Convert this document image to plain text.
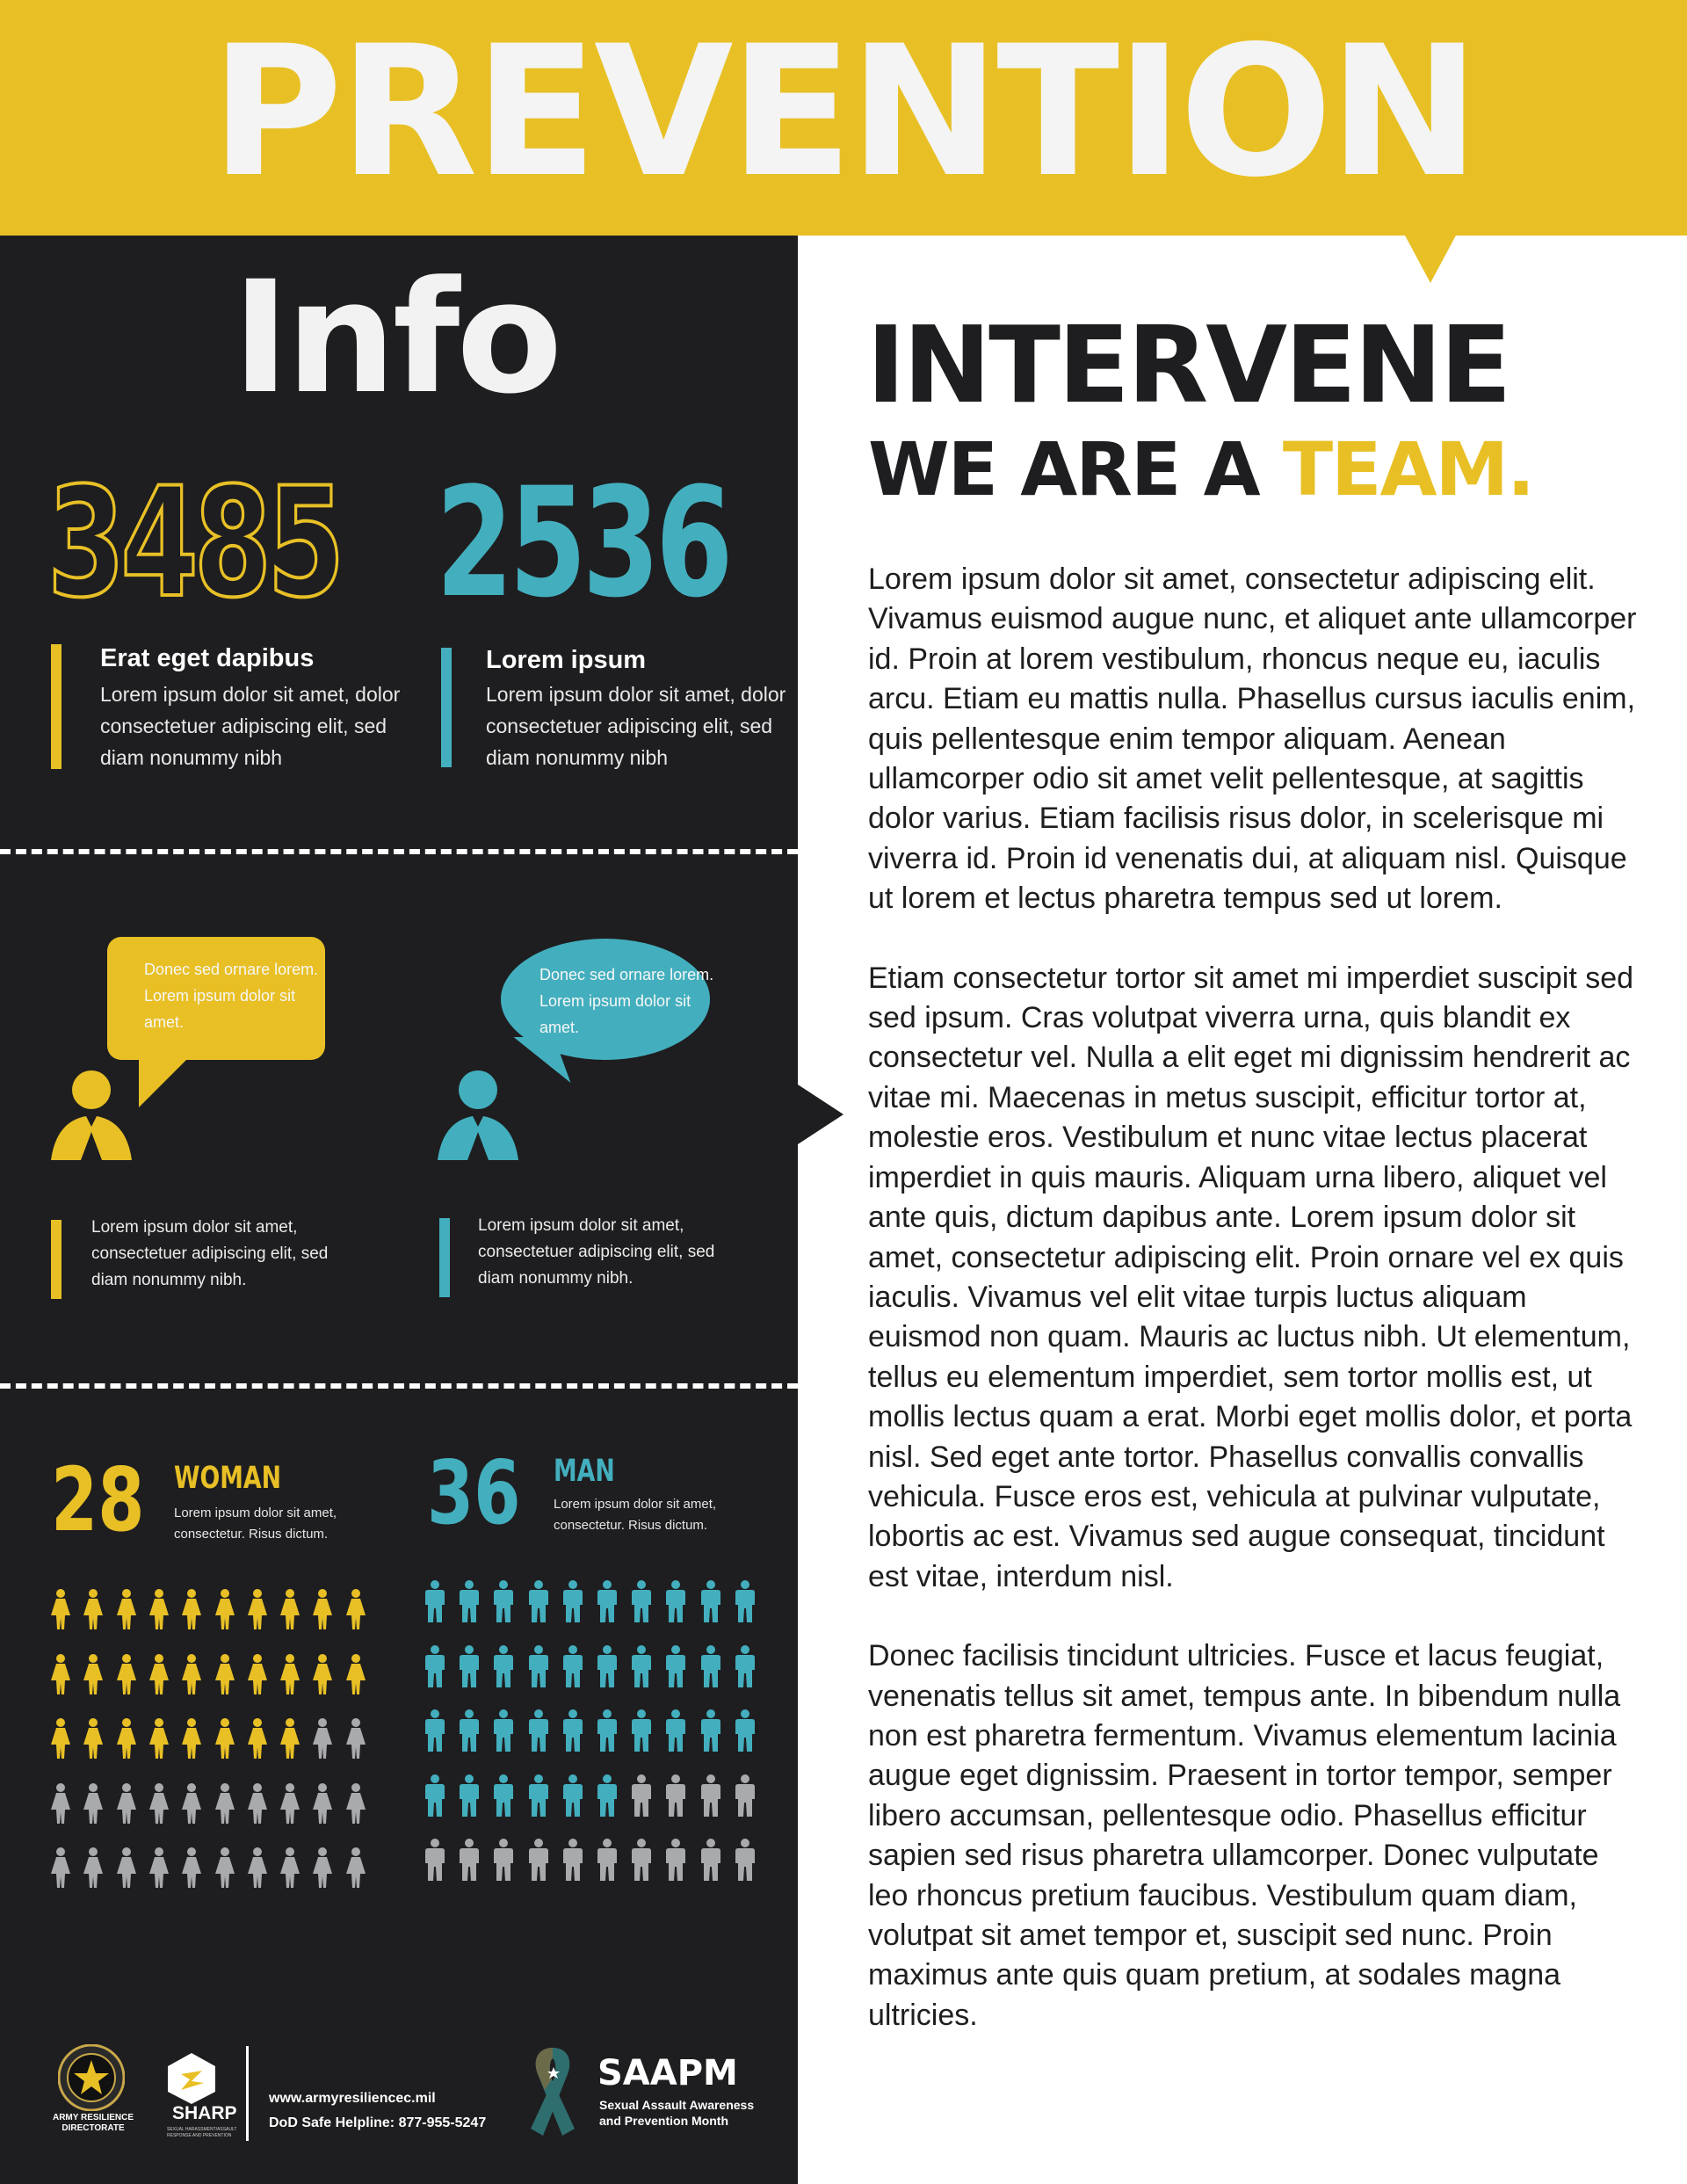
PREVENTION
Info
3485 2536
Erat eget dapibus
Lorem ipsum dolor sit amet, dolor consectetuer adipiscing elit, sed diam nonummy nibh
Lorem ipsum
Lorem ipsum dolor sit amet, dolor consectetuer adipiscing elit, sed diam nonummy nibh
Donec sed ornare lorem. Lorem ipsum dolor sit amet.
Donec sed ornare lorem. Lorem ipsum dolor sit amet.
Lorem ipsum dolor sit amet, consectetuer adipiscing elit, sed diam nonummy nibh.
Lorem ipsum dolor sit amet, consectetuer adipiscing elit, sed diam nonummy nibh.
28 WOMAN
Lorem ipsum dolor sit amet, consectetur. Risus dictum.	36 MAN
Lorem ipsum dolor sit amet, consectetur. Risus dictum.
ARMY RESILIENCE DIRECTORATE
SHARP
SEXUAL HARASSMENT/ASSAULT RESPONSE AND PREVENTION
www.armyresiliencec.mil
DoD Safe Helpline: 877-955-5247
SAAPM
Sexual Assault Awareness
and Prevention Month
INTERVENE
WE ARE A TEAM.

Lorem ipsum dolor sit amet, consectetur adipiscing elit. Vivamus euismod augue nunc, et aliquet ante ullamcorper id. Proin at lorem vestibulum, rhoncus neque eu, iaculis arcu. Etiam eu mattis nulla. Phasellus cursus iaculis enim, quis pellentesque enim tempor aliquam. Aenean ullamcorper odio sit amet velit pellentesque, at sagittis dolor varius. Etiam facilisis risus dolor, in scelerisque mi viverra id. Proin id venenatis dui, at aliquam nisl. Quisque ut lorem et lectus pharetra tempus sed ut lorem.

Etiam consectetur tortor sit amet mi imperdiet suscipit sed sed ipsum. Cras volutpat viverra urna, quis blandit ex consectetur vel. Nulla a elit eget mi dignissim hendrerit ac vitae mi. Maecenas in metus suscipit, efficitur tortor at, molestie eros. Vestibulum et nunc vitae lectus placerat imperdiet in quis mauris. Aliquam urna libero, aliquet vel ante quis, dictum dapibus ante. Lorem ipsum dolor sit amet, consectetur adipiscing elit. Proin ornare vel ex quis iaculis. Vivamus vel elit vitae turpis luctus aliquam euismod non quam. Mauris ac luctus nibh. Ut elementum, tellus eu elementum imperdiet, sem tortor mollis est, ut mollis lectus quam a erat. Morbi eget mollis dolor, et porta nisl. Sed eget ante tortor. Phasellus convallis convallis vehicula. Fusce eros est, vehicula at pulvinar vulputate, lobortis ac est. Vivamus sed augue consequat, tincidunt est vitae, interdum nisl.

Donec facilisis tincidunt ultricies. Fusce et lacus feugiat, venenatis tellus sit amet, tempus ante. In bibendum nulla non est pharetra fermentum. Vivamus elementum lacinia augue eget dignissim. Praesent in tortor tempor, semper libero accumsan, pellentesque odio. Phasellus efficitur sapien sed risus pharetra ullamcorper. Donec vulputate leo rhoncus pretium faucibus. Vestibulum quam diam, volutpat sit amet tempor et, suscipit sed nunc. Proin maximus ante quis quam pretium, at sodales magna ultricies.
